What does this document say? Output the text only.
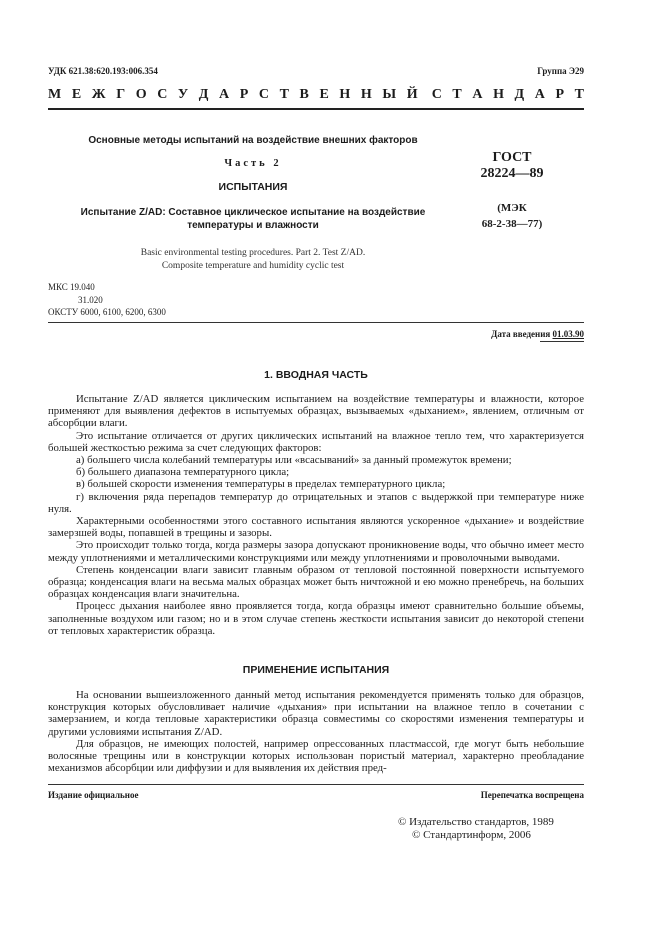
УДК 621.38:620.193:006.354	Группа Э29
М Е Ж Г О С У Д А Р С Т В Е Н Н Ы Й С Т А Н Д А Р Т
Основные методы испытаний на воздействие внешних факторов
Часть 2
ИСПЫТАНИЯ
Испытание Z/AD: Составное циклическое испытание на воздействие
температуры и влажности
ГОСТ
28224—89
(МЭК
68-2-38—77)
Basic environmental testing procedures. Part 2. Test Z/AD.
Composite temperature and humidity cyclic test
МКС 19.040
31.020
ОКСТУ 6000, 6100, 6200, 6300
Дата введения 01.03.90
1. ВВОДНАЯ ЧАСТЬ

Испытание Z/AD является циклическим испытанием на воздействие температуры и влажности, которое применяют для выявления дефектов в испытуемых образцах, вызываемых «дыханием», явлением, отличным от абсорбции влаги.

Это испытание отличается от других циклических испытаний на влажное тепло тем, что характеризуется большей жесткостью режима за счет следующих факторов:

а) большего числа колебаний температуры или «всасываний» за данный промежуток времени;

б) большего диапазона температурного цикла;

в) большей скорости изменения температуры в пределах температурного цикла;

г) включения ряда перепадов температур до отрицательных и этапов с выдержкой при температуре ниже нуля.

Характерными особенностями этого составного испытания являются ускоренное «дыхание» и воздействие замерзшей воды, попавшей в трещины и зазоры.

Это происходит только тогда, когда размеры зазора допускают проникновение воды, что обычно имеет место между уплотнениями и металлическими конструкциями или между уплотнениями и проволочными выводами.

Степень конденсации влаги зависит главным образом от тепловой постоянной поверхности испытуемого образца; конденсация влаги на весьма малых образцах может быть ничтожной и ею можно пренебречь, на больших образцах конденсация влаги значительна.

Процесс дыхания наиболее явно проявляется тогда, когда образцы имеют сравнительно большие объемы, заполненные воздухом или газом; но и в этом случае степень жесткости испытания зависит до некоторой степени от тепловых характеристик образца.

ПРИМЕНЕНИЕ ИСПЫТАНИЯ

На основании вышеизложенного данный метод испытания рекомендуется применять только для образцов, конструкция которых обусловливает наличие «дыхания» при испытании на влажное тепло в сочетании с замерзанием, и когда тепловые характеристики образца совместимы со скоростями изменения температуры и другими условиями испытания Z/AD.

Для образцов, не имеющих полостей, например опрессованных пластмассой, где могут быть небольшие волосяные трещины или в конструкции которых использован пористый материал, характерно преобладание механизмов абсорбции или диффузии и для выявления их действия пред-

Издание официальное	Перепечатка воспрещена
© Издательство стандартов, 1989
© Стандартинформ, 2006
